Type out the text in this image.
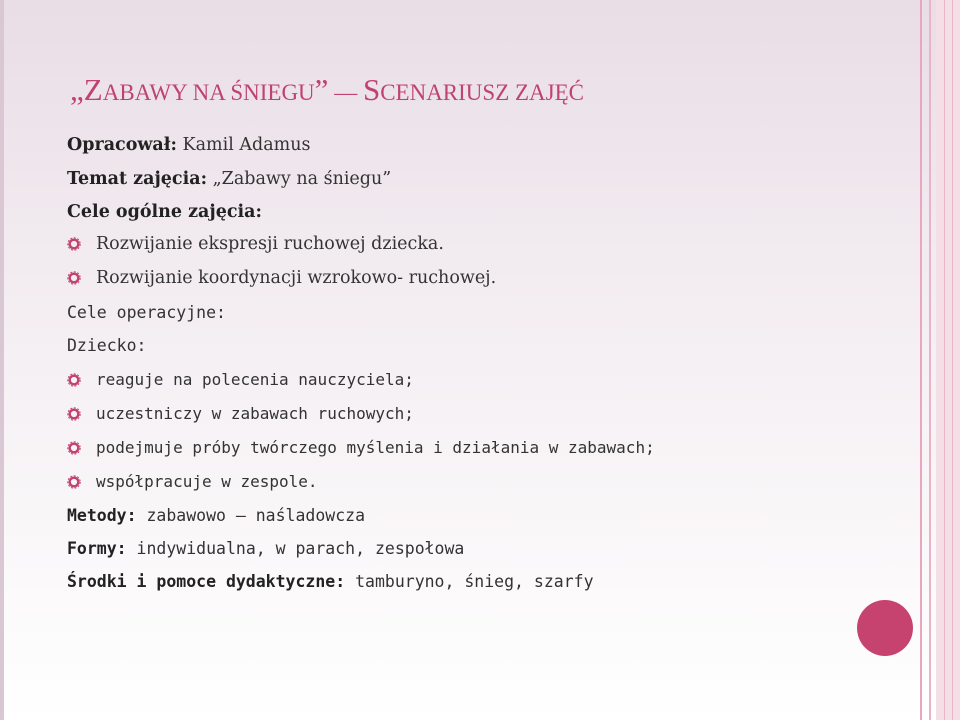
„ZABAWY NA ŚNIEGU” — SCENARIUSZ ZAJĘĆ
Opracował: Kamil Adamus
Temat zajęcia: „Zabawy na śniegu”
Cele ogólne zajęcia:
Rozwijanie ekspresji ruchowej dziecka.
Rozwijanie koordynacji wzrokowo- ruchowej.
Cele operacyjne:
Dziecko:
reaguje na polecenia nauczyciela;
uczestniczy w zabawach ruchowych;
podejmuje próby twórczego myślenia i działania w zabawach;
współpracuje w zespole.
Metody: zabawowo – naśladowcza
Formy: indywidualna, w parach, zespołowa
Środki i pomoce dydaktyczne: tamburyno, śnieg, szarfy
